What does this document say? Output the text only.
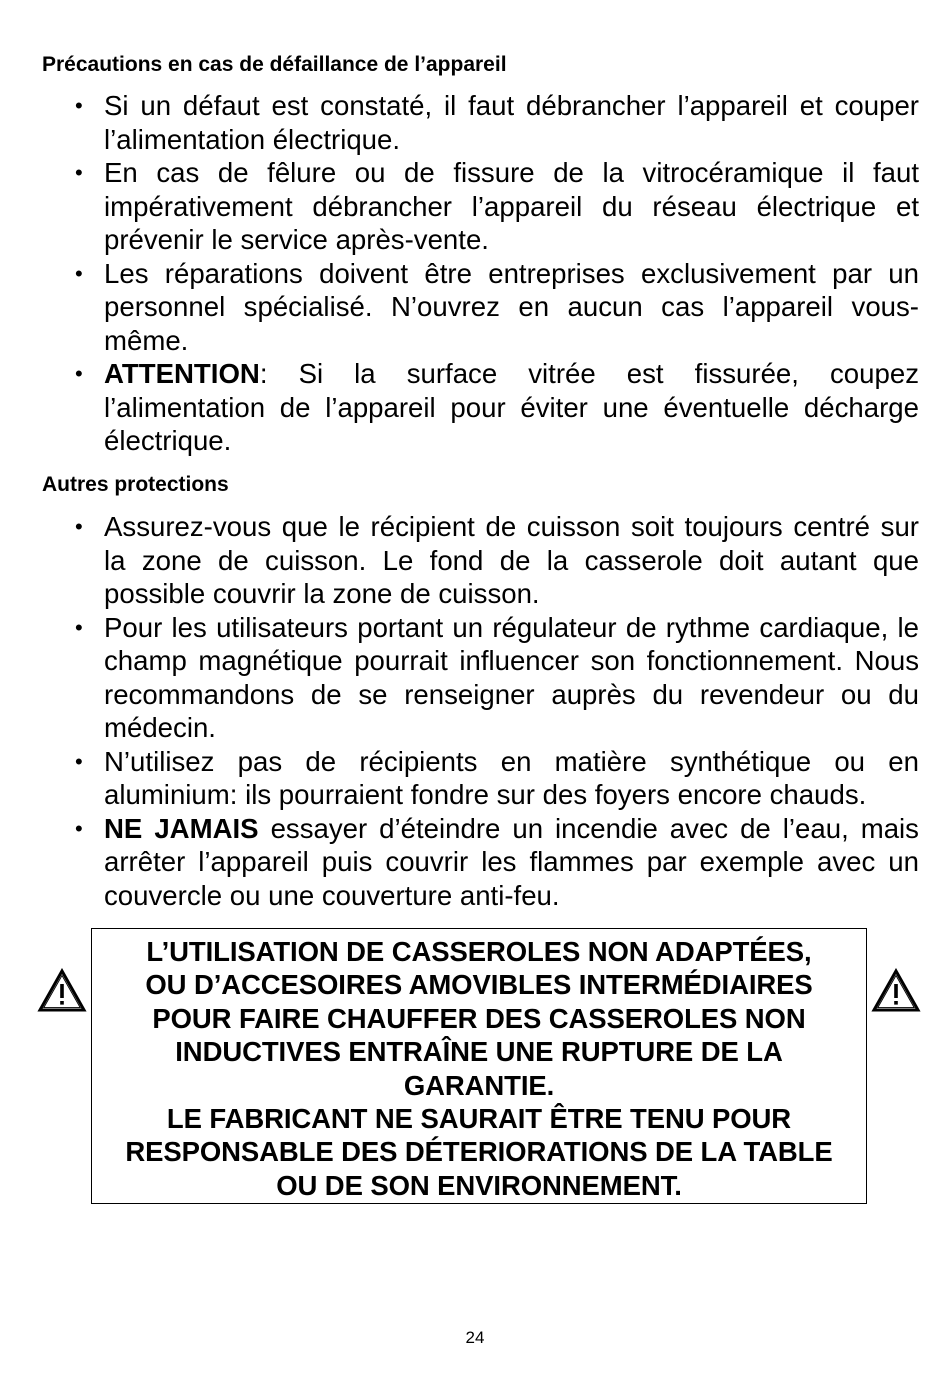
Précautions en cas de défaillance de l’appareil
• Si un défaut est constaté, il faut débrancher l’appareil et couper l’alimentation électrique.
• En cas de fêlure ou de fissure de la vitrocéramique il faut impérativement débrancher l’appareil du réseau électrique et prévenir le service après-vente.
• Les réparations doivent être entreprises exclusivement par un personnel spécialisé. N’ouvrez en aucun cas l’appareil vous-même.
• ATTENTION: Si la surface vitrée est fissurée, coupez l’alimentation de l’appareil pour éviter une éventuelle décharge électrique.
Autres protections
• Assurez-vous que le récipient de cuisson soit toujours centré sur la zone de cuisson. Le fond de la casserole doit autant que possible couvrir la zone de cuisson.
• Pour les utilisateurs portant un régulateur de rythme cardiaque, le champ magnétique pourrait influencer son fonctionnement. Nous recommandons de se renseigner auprès du revendeur ou du médecin.
• N’utilisez pas de récipients en matière synthétique ou en aluminium: ils pourraient fondre sur des foyers encore chauds.
• NE JAMAIS essayer d’éteindre un incendie avec de l’eau, mais arrêter l’appareil puis couvrir les flammes par exemple avec un couvercle ou une couverture anti-feu.

L’UTILISATION DE CASSEROLES NON ADAPTÉES,
OU D’ACCESOIRES AMOVIBLES INTERMÉDIAIRES
POUR FAIRE CHAUFFER DES CASSEROLES NON
INDUCTIVES ENTRAÎNE UNE RUPTURE DE LA
GARANTIE.
LE FABRICANT NE SAURAIT ÊTRE TENU POUR
RESPONSABLE DES DÉTERIORATIONS DE LA TABLE
OU DE SON ENVIRONNEMENT.

24
